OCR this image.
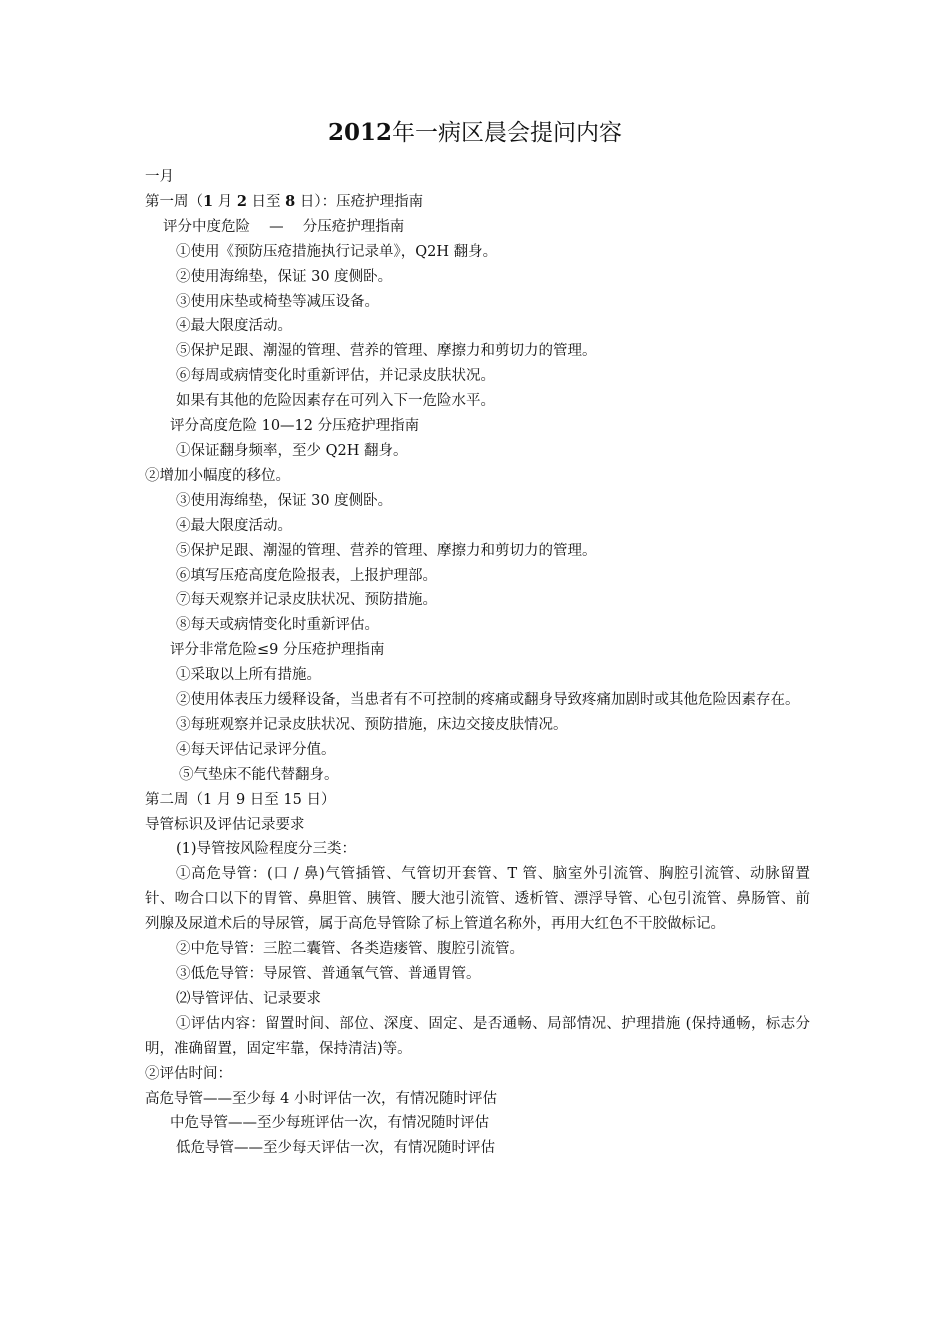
2012年一病区晨会提问内容
一月
第一周（1 月 2 日至 8 日）：压疮护理指南
评分中度危险　 —　 分压疮护理指南
①使用《预防压疮措施执行记录单》，Q2H 翻身。
②使用海绵垫，保证 30 度侧卧。
③使用床垫或椅垫等减压设备。
④最大限度活动。
⑤保护足跟、潮湿的管理、营养的管理、摩擦力和剪切力的管理。
⑥每周或病情变化时重新评估，并记录皮肤状况。
如果有其他的危险因素存在可列入下一危险水平。
评分高度危险 10—12 分压疮护理指南
①保证翻身频率，至少 Q2H 翻身。
②增加小幅度的移位。
③使用海绵垫，保证 30 度侧卧。
④最大限度活动。
⑤保护足跟、潮湿的管理、营养的管理、摩擦力和剪切力的管理。
⑥填写压疮高度危险报表，上报护理部。
⑦每天观察并记录皮肤状况、预防措施。
⑧每天或病情变化时重新评估。
评分非常危险≤9 分压疮护理指南
①采取以上所有措施。
②使用体表压力缓释设备，当患者有不可控制的疼痛或翻身导致疼痛加剧时或其他危险因素存在。
③每班观察并记录皮肤状况、预防措施，床边交接皮肤情况。
④每天评估记录评分值。
⑤气垫床不能代替翻身。
第二周（1 月 9 日至 15 日）
导管标识及评估记录要求
(1)导管按风险程度分三类：
①高危导管：(口 / 鼻)气管插管、气管切开套管、T 管、脑室外引流管、胸腔引流管、动脉留置针、吻合口以下的胃管、鼻胆管、胰管、腰大池引流管、透析管、漂浮导管、心包引流管、鼻肠管、前列腺及尿道术后的导尿管，属于高危导管除了标上管道名称外，再用大红色不干胶做标记。
②中危导管：三腔二囊管、各类造瘘管、腹腔引流管。
③低危导管：导尿管、普通氧气管、普通胃管。
⑵导管评估、记录要求
①评估内容：留置时间、部位、深度、固定、是否通畅、局部情况、护理措施 (保持通畅，标志分明，准确留置，固定牢靠，保持清洁)等。
②评估时间：
高危导管——至少每 4 小时评估一次，有情况随时评估
中危导管——至少每班评估一次，有情况随时评估
低危导管——至少每天评估一次，有情况随时评估
